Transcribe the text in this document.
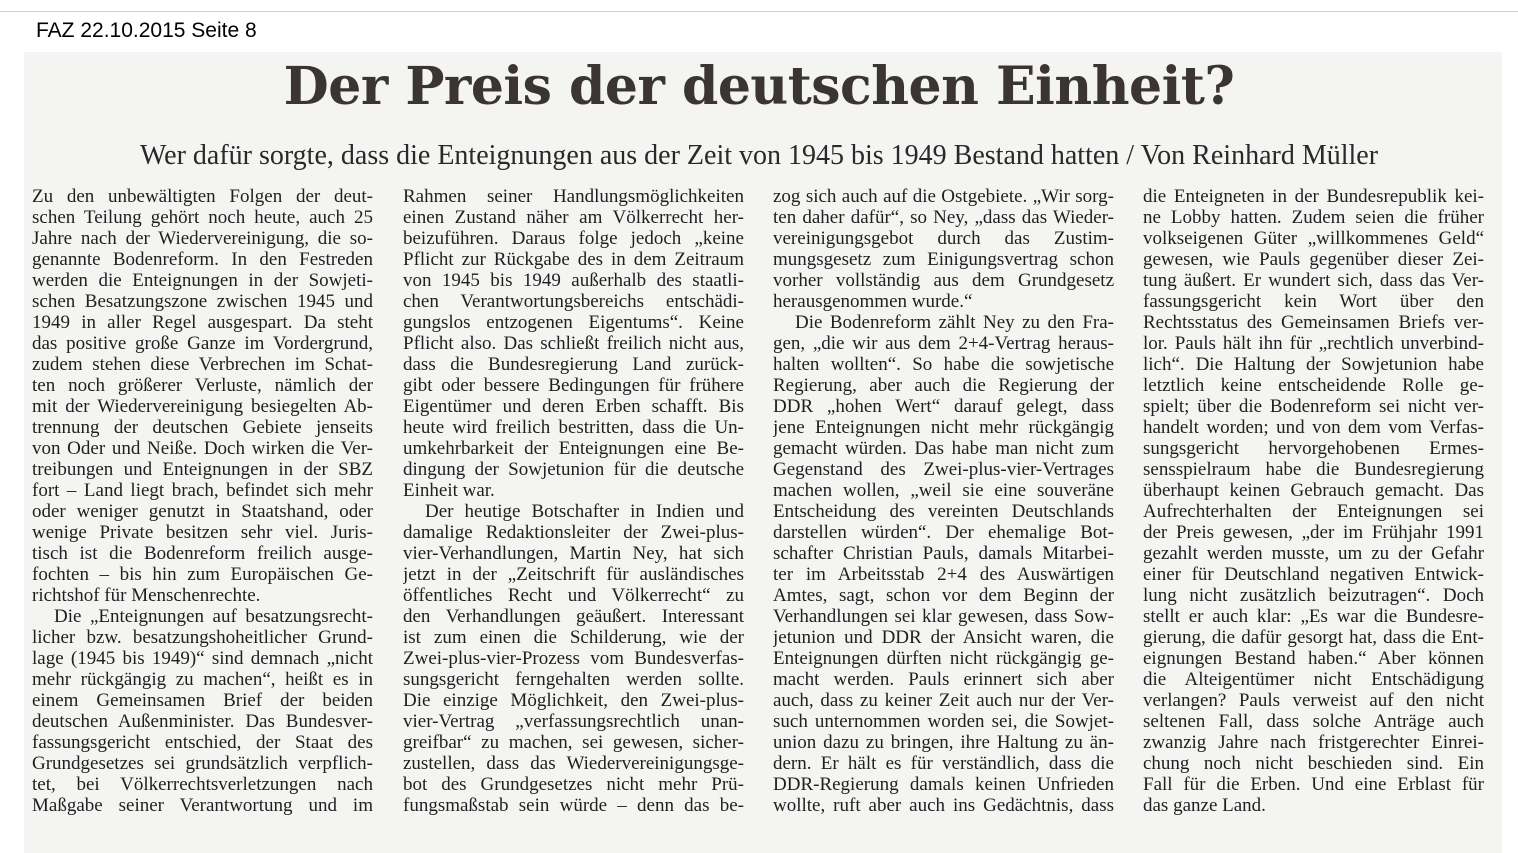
FAZ 22.10.2015 Seite 8
Der Preis der deutschen Einheit?
Wer dafür sorgte, dass die Enteignungen aus der Zeit von 1945 bis 1949 Bestand hatten / Von Reinhard Müller
Zu den unbewältigten Folgen der deut-
schen Teilung gehört noch heute, auch 25
Jahre nach der Wiedervereinigung, die so-
genannte Bodenreform. In den Festreden
werden die Enteignungen in der Sowjeti-
schen Besatzungszone zwischen 1945 und
1949 in aller Regel ausgespart. Da steht
das positive große Ganze im Vordergrund,
zudem stehen diese Verbrechen im Schat-
ten noch größerer Verluste, nämlich der
mit der Wiedervereinigung besiegelten Ab-
trennung der deutschen Gebiete jenseits
von Oder und Neiße. Doch wirken die Ver-
treibungen und Enteignungen in der SBZ
fort – Land liegt brach, befindet sich mehr
oder weniger genutzt in Staatshand, oder
wenige Private besitzen sehr viel. Juris-
tisch ist die Bodenreform freilich ausge-
fochten – bis hin zum Europäischen Ge-
richtshof für Menschenrechte.
Die „Enteignungen auf besatzungsrecht-
licher bzw. besatzungshoheitlicher Grund-
lage (1945 bis 1949)“ sind demnach „nicht
mehr rückgängig zu machen“, heißt es in
einem Gemeinsamen Brief der beiden
deutschen Außenminister. Das Bundesver-
fassungsgericht entschied, der Staat des
Grundgesetzes sei grundsätzlich verpflich-
tet, bei Völkerrechtsverletzungen nach
Maßgabe seiner Verantwortung und im
Rahmen seiner Handlungsmöglichkeiten
einen Zustand näher am Völkerrecht her-
beizuführen. Daraus folge jedoch „keine
Pflicht zur Rückgabe des in dem Zeitraum
von 1945 bis 1949 außerhalb des staatli-
chen Verantwortungsbereichs entschädi-
gungslos entzogenen Eigentums“. Keine
Pflicht also. Das schließt freilich nicht aus,
dass die Bundesregierung Land zurück-
gibt oder bessere Bedingungen für frühere
Eigentümer und deren Erben schafft. Bis
heute wird freilich bestritten, dass die Un-
umkehrbarkeit der Enteignungen eine Be-
dingung der Sowjetunion für die deutsche
Einheit war.
Der heutige Botschafter in Indien und
damalige Redaktionsleiter der Zwei-plus-
vier-Verhandlungen, Martin Ney, hat sich
jetzt in der „Zeitschrift für ausländisches
öffentliches Recht und Völkerrecht“ zu
den Verhandlungen geäußert. Interessant
ist zum einen die Schilderung, wie der
Zwei-plus-vier-Prozess vom Bundesverfas-
sungsgericht ferngehalten werden sollte.
Die einzige Möglichkeit, den Zwei-plus-
vier-Vertrag „verfassungsrechtlich unan-
greifbar“ zu machen, sei gewesen, sicher-
zustellen, dass das Wiedervereinigungsge-
bot des Grundgesetzes nicht mehr Prü-
fungsmaßstab sein würde – denn das be-
zog sich auch auf die Ostgebiete. „Wir sorg-
ten daher dafür“, so Ney, „dass das Wieder-
vereinigungsgebot durch das Zustim-
mungsgesetz zum Einigungsvertrag schon
vorher vollständig aus dem Grundgesetz
herausgenommen wurde.“
Die Bodenreform zählt Ney zu den Fra-
gen, „die wir aus dem 2+4-Vertrag heraus-
halten wollten“. So habe die sowjetische
Regierung, aber auch die Regierung der
DDR „hohen Wert“ darauf gelegt, dass
jene Enteignungen nicht mehr rückgängig
gemacht würden. Das habe man nicht zum
Gegenstand des Zwei-plus-vier-Vertrages
machen wollen, „weil sie eine souveräne
Entscheidung des vereinten Deutschlands
darstellen würden“. Der ehemalige Bot-
schafter Christian Pauls, damals Mitarbei-
ter im Arbeitsstab 2+4 des Auswärtigen
Amtes, sagt, schon vor dem Beginn der
Verhandlungen sei klar gewesen, dass Sow-
jetunion und DDR der Ansicht waren, die
Enteignungen dürften nicht rückgängig ge-
macht werden. Pauls erinnert sich aber
auch, dass zu keiner Zeit auch nur der Ver-
such unternommen worden sei, die Sowjet-
union dazu zu bringen, ihre Haltung zu än-
dern. Er hält es für verständlich, dass die
DDR-Regierung damals keinen Unfrieden
wollte, ruft aber auch ins Gedächtnis, dass
die Enteigneten in der Bundesrepublik kei-
ne Lobby hatten. Zudem seien die früher
volkseigenen Güter „willkommenes Geld“
gewesen, wie Pauls gegenüber dieser Zei-
tung äußert. Er wundert sich, dass das Ver-
fassungsgericht kein Wort über den
Rechtsstatus des Gemeinsamen Briefs ver-
lor. Pauls hält ihn für „rechtlich unverbind-
lich“. Die Haltung der Sowjetunion habe
letztlich keine entscheidende Rolle ge-
spielt; über die Bodenreform sei nicht ver-
handelt worden; und von dem vom Verfas-
sungsgericht hervorgehobenen Ermes-
sensspielraum habe die Bundesregierung
überhaupt keinen Gebrauch gemacht. Das
Aufrechterhalten der Enteignungen sei
der Preis gewesen, „der im Frühjahr 1991
gezahlt werden musste, um zu der Gefahr
einer für Deutschland negativen Entwick-
lung nicht zusätzlich beizutragen“. Doch
stellt er auch klar: „Es war die Bundesre-
gierung, die dafür gesorgt hat, dass die Ent-
eignungen Bestand haben.“ Aber können
die Alteigentümer nicht Entschädigung
verlangen? Pauls verweist auf den nicht
seltenen Fall, dass solche Anträge auch
zwanzig Jahre nach fristgerechter Einrei-
chung noch nicht beschieden sind. Ein
Fall für die Erben. Und eine Erblast für
das ganze Land.
